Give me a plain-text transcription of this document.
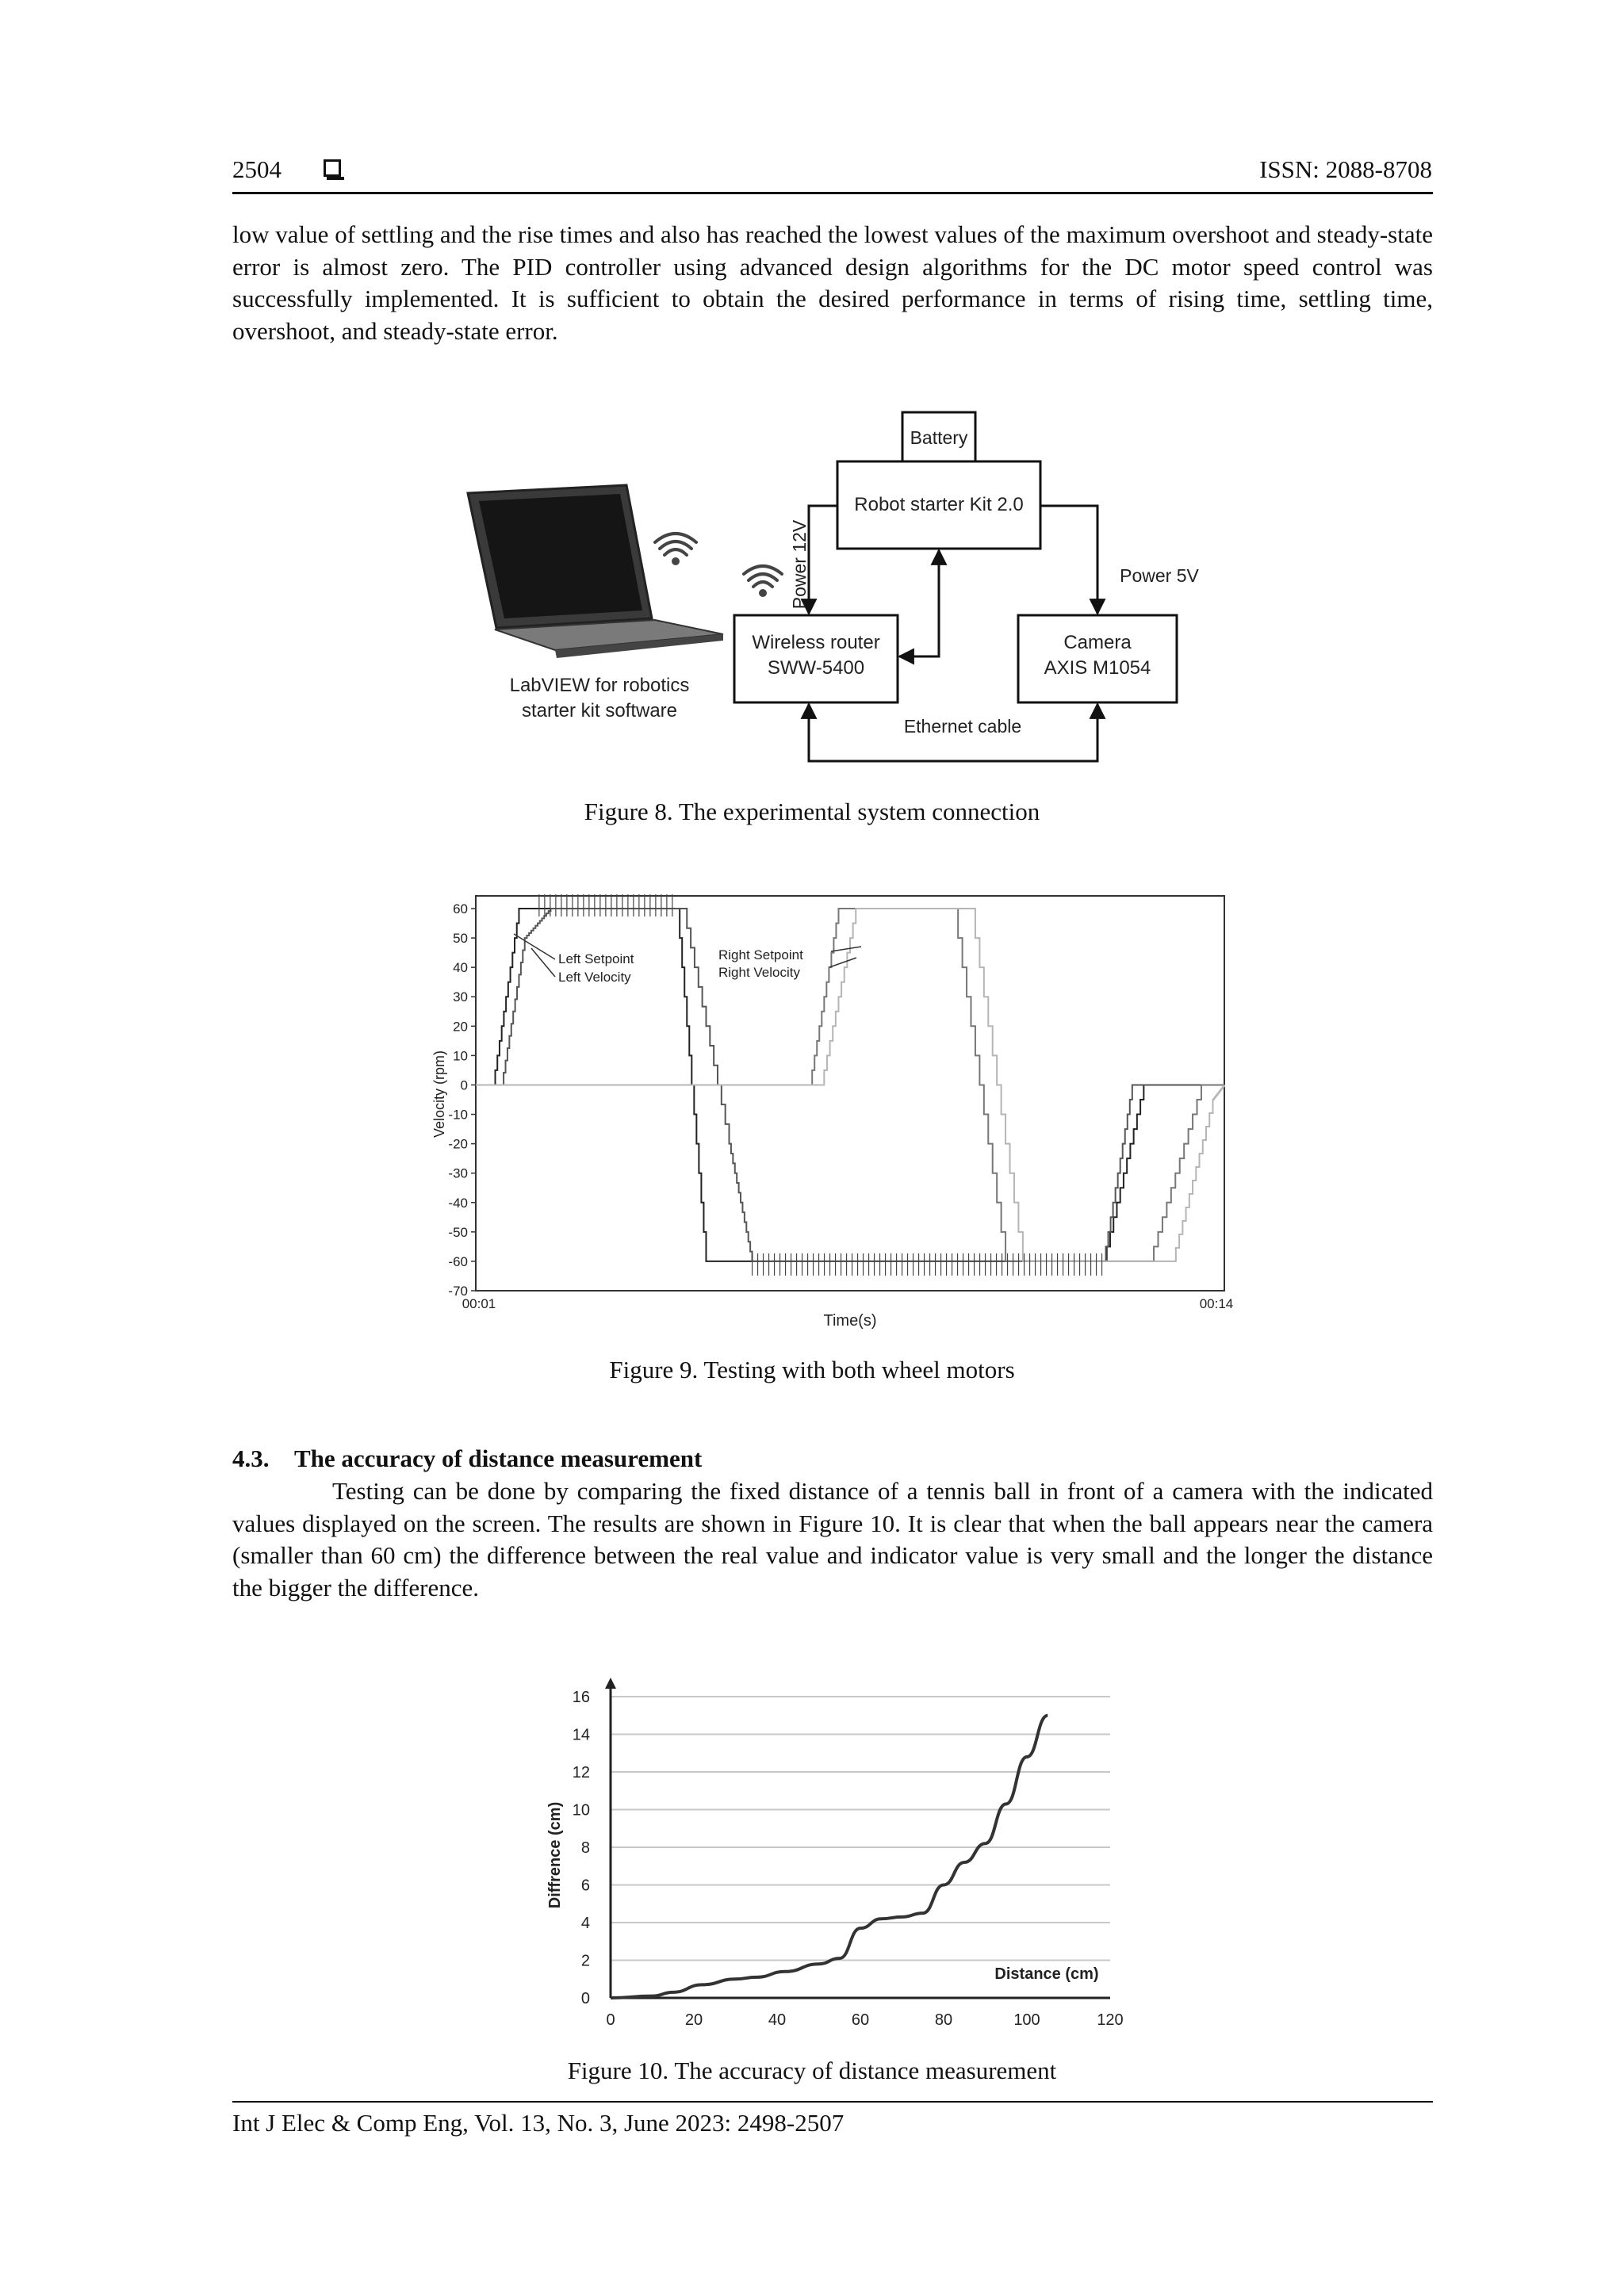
2504	ISSN: 2088-8708
low value of settling and the rise times and also has reached the lowest values of the maximum overshoot and steady-state error is almost zero. The PID controller using advanced design algorithms for the DC motor speed control was successfully implemented. It is sufficient to obtain the desired performance in terms of rising time, settling time, overshoot, and steady-state error.
LabVIEW for robotics
starter kit software
Battery
Robot starter Kit 2.0
Wireless router
SWW-5400
Camera
AXIS M1054
Power 12V	Power 5V
Ethernet cable
Figure 8. The experimental system connection
60
50
40
30
20
10
0
-10
-20
-30
-40
-50
-60
-70
Velocity (rpm)
Time(s)
00:01	00:14
Left Setpoint
Left Velocity
Right Setpoint
Right Velocity
Figure 9. Testing with both wheel motors
4.3. The accuracy of distance measurement
Testing can be done by comparing the fixed distance of a tennis ball in front of a camera with the indicated values displayed on the screen. The results are shown in Figure 10. It is clear that when the ball appears near the camera (smaller than 60 cm) the difference between the real value and indicator value is very small and the longer the distance the bigger the difference.
0
2
4
6
8
10
12
14
16
0	20	40	60	80	100	120
Diffrence (cm)
Distance (cm)
Figure 10. The accuracy of distance measurement
Int J Elec & Comp Eng, Vol. 13, No. 3, June 2023: 2498-2507
